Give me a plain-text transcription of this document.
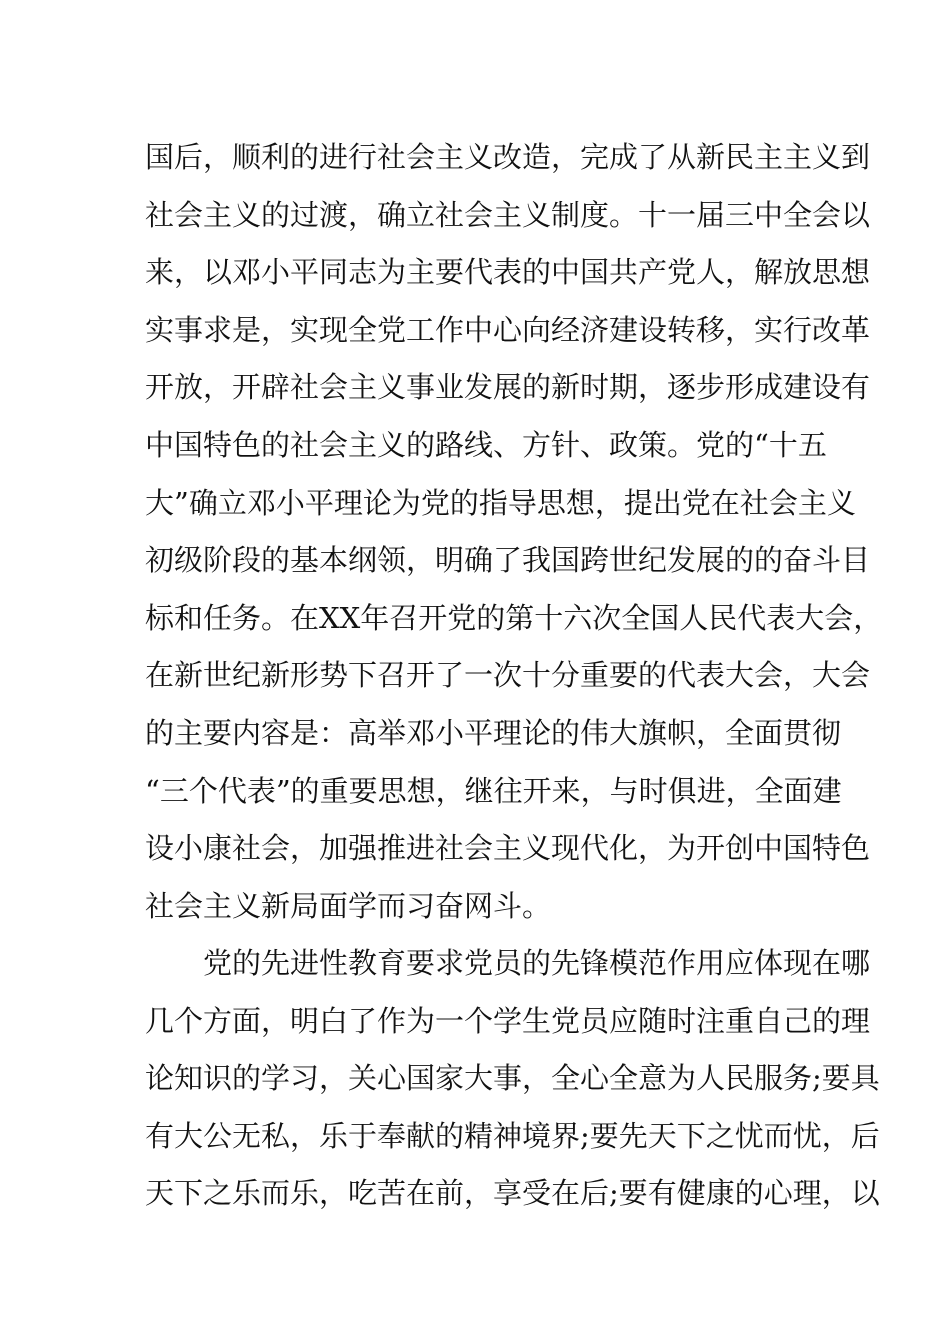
国后，顺利的进行社会主义改造，完成了从新民主主义到
社会主义的过渡，确立社会主义制度。十一届三中全会以
来，以邓小平同志为主要代表的中国共产党人，解放思想
实事求是，实现全党工作中心向经济建设转移，实行改革
开放，开辟社会主义事业发展的新时期，逐步形成建设有
中国特色的社会主义的路线、方针、政策。党的“十五
大”确立邓小平理论为党的指导思想，提出党在社会主义
初级阶段的基本纲领，明确了我国跨世纪发展的的奋斗目
标和任务。在XX年召开党的第十六次全国人民代表大会，
在新世纪新形势下召开了一次十分重要的代表大会，大会
的主要内容是：高举邓小平理论的伟大旗帜，全面贯彻
“三个代表”的重要思想，继往开来，与时俱进，全面建
设小康社会，加强推进社会主义现代化，为开创中国特色
社会主义新局面学而习奋网斗。
党的先进性教育要求党员的先锋模范作用应体现在哪
几个方面，明白了作为一个学生党员应随时注重自己的理
论知识的学习，关心国家大事，全心全意为人民服务;要具
有大公无私，乐于奉献的精神境界;要先天下之忧而忧，后
天下之乐而乐，吃苦在前，享受在后;要有健康的心理，以
